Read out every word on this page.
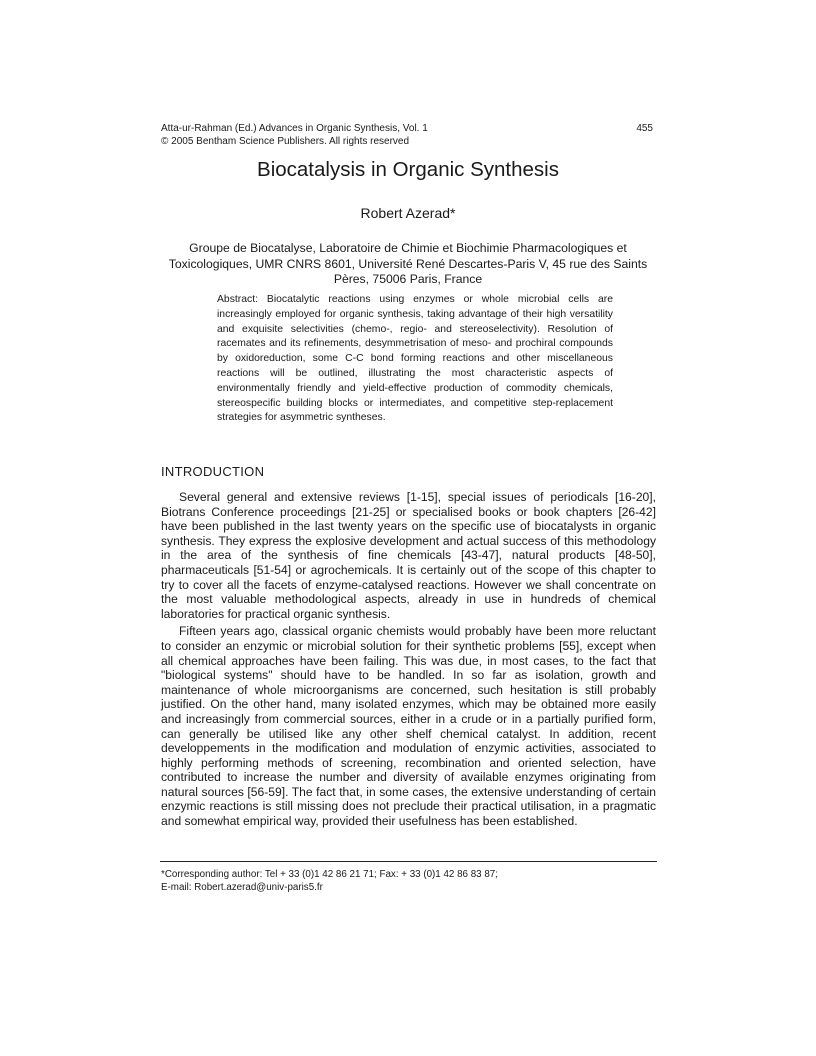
Atta-ur-Rahman (Ed.) Advances in Organic Synthesis, Vol. 1
© 2005 Bentham Science Publishers. All rights reserved
455
Biocatalysis in Organic Synthesis
Robert Azerad*
Groupe de Biocatalyse, Laboratoire de Chimie et Biochimie Pharmacologiques et Toxicologiques, UMR CNRS 8601, Université René Descartes-Paris V, 45 rue des Saints Pères, 75006 Paris, France
Abstract: Biocatalytic reactions using enzymes or whole microbial cells are increasingly employed for organic synthesis, taking advantage of their high versatility and exquisite selectivities (chemo-, regio- and stereoselectivity). Resolution of racemates and its refinements, desymmetrisation of meso- and prochiral compounds by oxidoreduction, some C-C bond forming reactions and other miscellaneous reactions will be outlined, illustrating the most characteristic aspects of environmentally friendly and yield-effective production of commodity chemicals, stereospecific building blocks or intermediates, and competitive step-replacement strategies for asymmetric syntheses.
INTRODUCTION

Several general and extensive reviews [1-15], special issues of periodicals [16-20], Biotrans Conference proceedings [21-25] or specialised books or book chapters [26-42] have been published in the last twenty years on the specific use of biocatalysts in organic synthesis. They express the explosive development and actual success of this methodology in the area of the synthesis of fine chemicals [43-47], natural products [48-50], pharmaceuticals [51-54] or agrochemicals. It is certainly out of the scope of this chapter to try to cover all the facets of enzyme-catalysed reactions. However we shall concentrate on the most valuable methodological aspects, already in use in hundreds of chemical laboratories for practical organic synthesis.

Fifteen years ago, classical organic chemists would probably have been more reluctant to consider an enzymic or microbial solution for their synthetic problems [55], except when all chemical approaches have been failing. This was due, in most cases, to the fact that "biological systems" should have to be handled. In so far as isolation, growth and maintenance of whole microorganisms are concerned, such hesitation is still probably justified. On the other hand, many isolated enzymes, which may be obtained more easily and increasingly from commercial sources, either in a crude or in a partially purified form, can generally be utilised like any other shelf chemical catalyst. In addition, recent developpements in the modification and modulation of enzymic activities, associated to highly performing methods of screening, recombination and oriented selection, have contributed to increase the number and diversity of available enzymes originating from natural sources [56-59]. The fact that, in some cases, the extensive understanding of certain enzymic reactions is still missing does not preclude their practical utilisation, in a pragmatic and somewhat empirical way, provided their usefulness has been established.

*Corresponding author: Tel + 33 (0)1 42 86 21 71; Fax: + 33 (0)1 42 86 83 87;
E-mail: Robert.azerad@univ-paris5.fr
